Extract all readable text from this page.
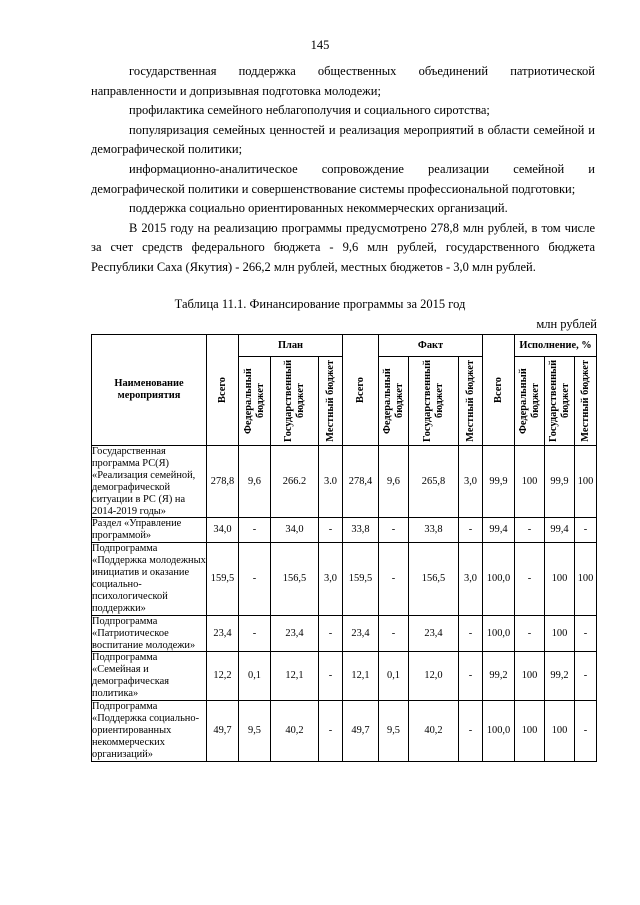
145

государственная поддержка общественных объединений патриотической направленности и допризывная подготовка молодежи;

профилактика семейного неблагополучия и социального сиротства;

популяризация семейных ценностей и реализация мероприятий в области семейной и демографической политики;

информационно-аналитическое сопровождение реализации семейной и демографической политики и совершенствование системы профессиональной подготовки;

поддержка социально ориентированных некоммерческих организаций.

В 2015 году на реализацию программы предусмотрено 278,8 млн рублей, в том числе за счет средств федерального бюджета - 9,6 млн рублей, государственного бюджета Республики Саха (Якутия) - 266,2 млн рублей, местных бюджетов - 3,0 млн рублей.

Таблица 11.1. Финансирование программы за 2015 год
млн рублей
Наименование мероприятия	Всего	План			Всего	Факт			Всего	Исполнение, %		

		Федеральный бюджет	Государственный бюджет	Местный бюджет		Федеральный бюджет	Государственный бюджет	Местный бюджет		Федеральный бюджет	Государственный бюджет	Местный бюджет

Государственная программа РС(Я) «Реализация семейной, демографической ситуации в РС (Я) на 2014-2019 годы»	278,8	9,6	266.2	3.0	278,4	9,6	265,8	3,0	99,9	100	99,9	100
Раздел «Управление программой»	34,0	-	34,0	-	33,8	-	33,8	-	99,4	-	99,4	-
Подпрограмма «Поддержка молодежных инициатив и оказание социально-психологической поддержки»	159,5	-	156,5	3,0	159,5	-	156,5	3,0	100,0	-	100	100
Подпрограмма «Патриотическое воспитание молодежи»	23,4	-	23,4	-	23,4	-	23,4	-	100,0	-	100	-
Подпрограмма «Семейная и демографическая политика»	12,2	0,1	12,1	-	12,1	0,1	12,0	-	99,2	100	99,2	-
Подпрограмма «Поддержка социально-ориентированных некоммерческих организаций»	49,7	9,5	40,2	-	49,7	9,5	40,2	-	100,0	100	100	-
